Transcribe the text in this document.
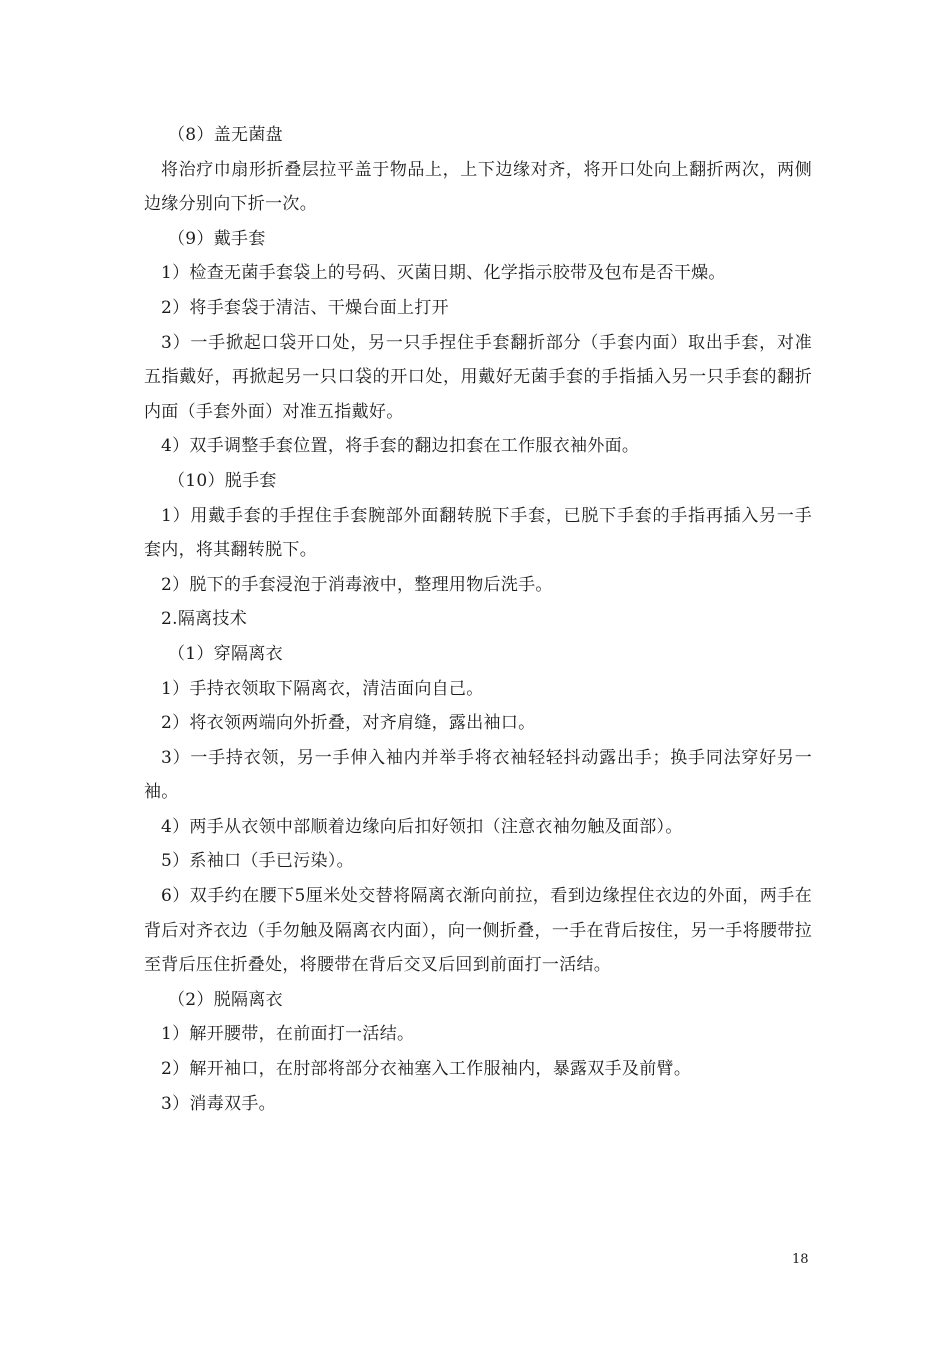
（8）盖无菌盘

将治疗巾扇形折叠层拉平盖于物品上，上下边缘对齐，将开口处向上翻折两次，两侧边缘分别向下折一次。

（9）戴手套

1）检查无菌手套袋上的号码、灭菌日期、化学指示胶带及包布是否干燥。

2）将手套袋于清洁、干燥台面上打开

3）一手掀起口袋开口处，另一只手捏住手套翻折部分（手套内面）取出手套，对准五指戴好，再掀起另一只口袋的开口处，用戴好无菌手套的手指插入另一只手套的翻折内面（手套外面）对准五指戴好。

4）双手调整手套位置，将手套的翻边扣套在工作服衣袖外面。

（10）脱手套

1）用戴手套的手捏住手套腕部外面翻转脱下手套，已脱下手套的手指再插入另一手套内，将其翻转脱下。

2）脱下的手套浸泡于消毒液中，整理用物后洗手。

2.隔离技术

（1）穿隔离衣

1）手持衣领取下隔离衣，清洁面向自己。

2）将衣领两端向外折叠，对齐肩缝，露出袖口。

3）一手持衣领，另一手伸入袖内并举手将衣袖轻轻抖动露出手；换手同法穿好另一袖。

4）两手从衣领中部顺着边缘向后扣好领扣（注意衣袖勿触及面部）。

5）系袖口（手已污染）。

6）双手约在腰下5厘米处交替将隔离衣渐向前拉，看到边缘捏住衣边的外面，两手在背后对齐衣边（手勿触及隔离衣内面），向一侧折叠，一手在背后按住，另一手将腰带拉至背后压住折叠处，将腰带在背后交叉后回到前面打一活结。

（2）脱隔离衣

1）解开腰带，在前面打一活结。

2）解开袖口，在肘部将部分衣袖塞入工作服袖内，暴露双手及前臂。

3）消毒双手。

18
